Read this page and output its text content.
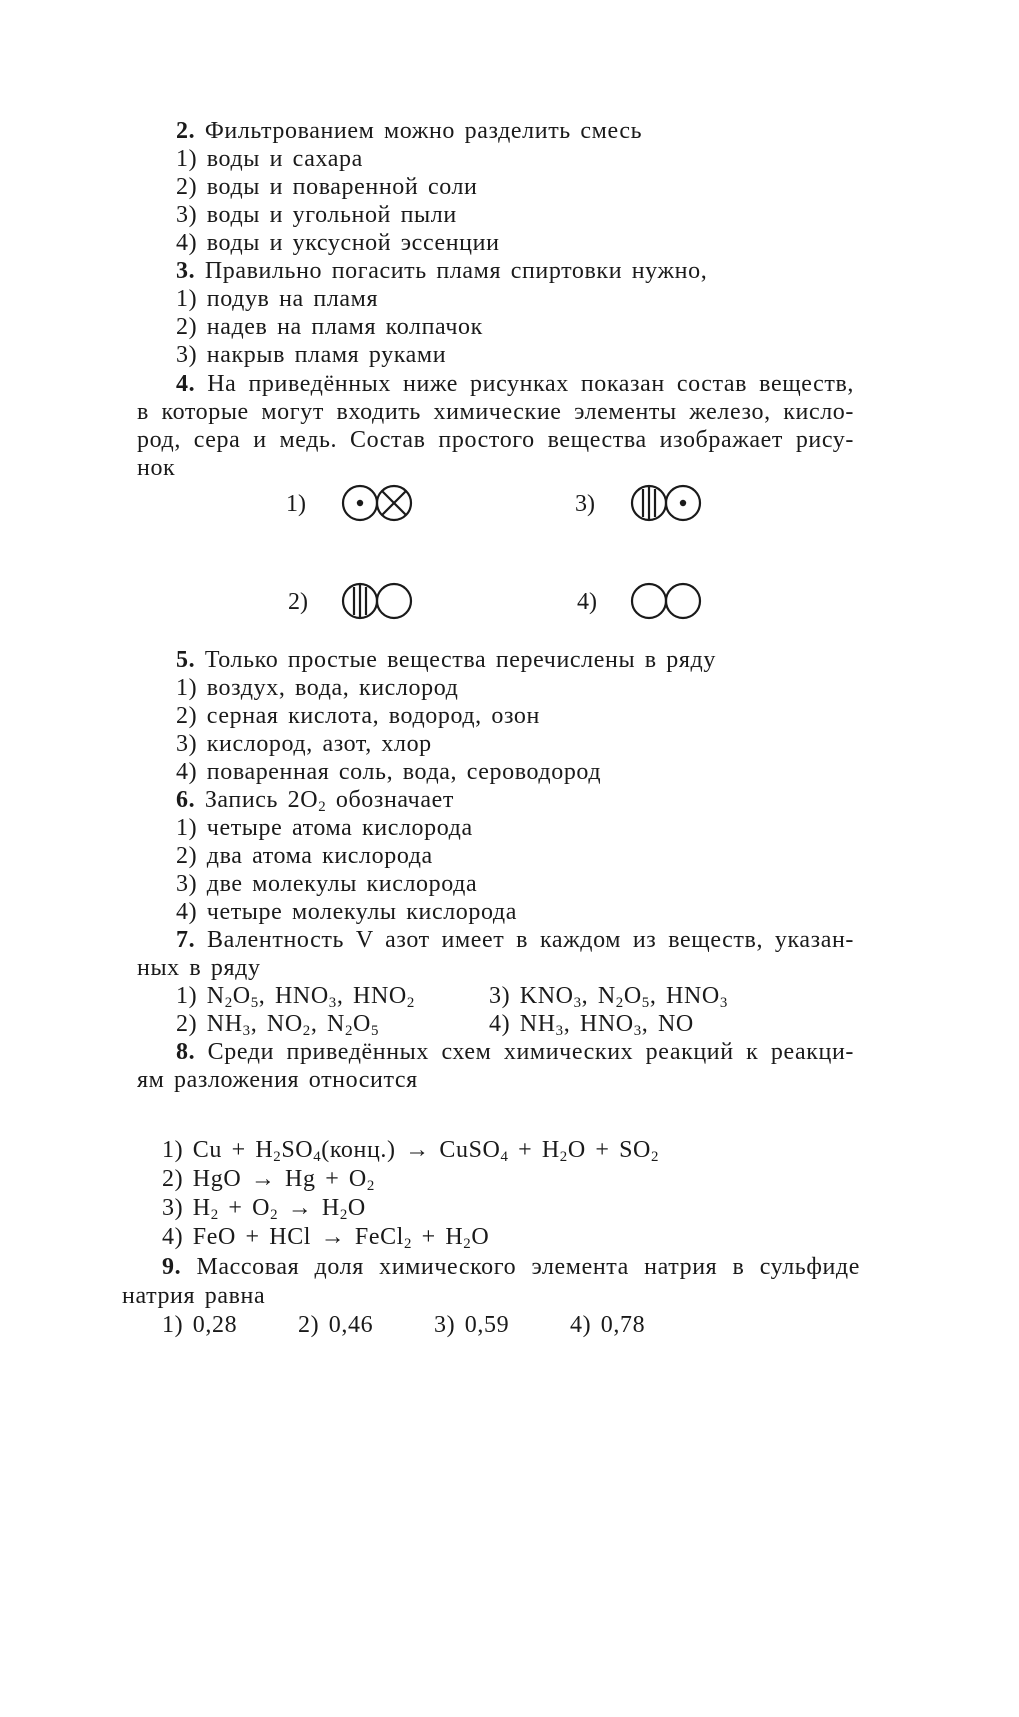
2. Фильтрованием можно разделить смесь
1) воды и сахара
2) воды и поваренной соли
3) воды и угольной пыли
4) воды и уксусной эссенции
3. Правильно погасить пламя спиртовки нужно,
1) подув на пламя
2) надев на пламя колпачок
3) накрыв пламя руками
4. На приведённых ниже рисунках показан состав веществ,
в которые могут входить химические элементы железо, кисло-
род, сера и медь. Состав простого вещества изображает рису-
нок
1)	3)
2)	4)
5. Только простые вещества перечислены в ряду
1) воздух, вода, кислород
2) серная кислота, водород, озон
3) кислород, азот, хлор
4) поваренная соль, вода, сероводород
6. Запись $2O_2$ обозначает
1) четыре атома кислорода
2) два атома кислорода
3) две молекулы кислорода
4) четыре молекулы кислорода
7. Валентность V азот имеет в каждом из веществ, указан-
ных в ряду
1) $N_2O_5$, $HNO_3$, $HNO_2$	3) $KNO_3$, $N_2O_5$, $HNO_3$
2) $NH_3$, $NO_2$, $N_2O_5$	4) $NH_3$, $HNO_3$, NO
8. Среди приведённых схем химических реакций к реакци-
ям разложения относится
1) $Cu + H_2SO_4(конц.)$ → CuSO$_4$ + $H_2O + SO_2$
2) HgO → $Hg + O_2$
3) $H_2 + O_2 \to H_2O$
4) FeO + HCl → FeCl$_2$ + $H_2O$
9. Массовая доля химического элемента натрия в сульфиде
натрия равна
1) 0,28	2) 0,46	3) 0,59	4) 0,78
